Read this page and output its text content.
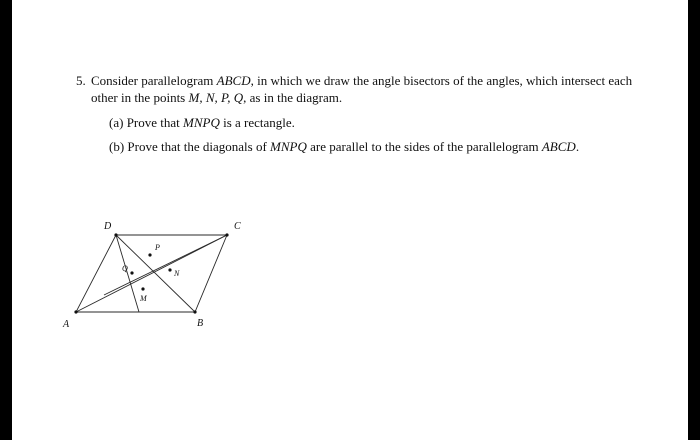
5. Consider parallelogram ABCD, in which we draw the angle bisectors of the angles, which intersect each
other in the points M, N, P, Q, as in the diagram.
(a) Prove that MNPQ is a rectangle.
(b) Prove that the diagonals of MNPQ are parallel to the sides of the parallelogram ABCD.
A	B
C
D
M
N
P
Q
